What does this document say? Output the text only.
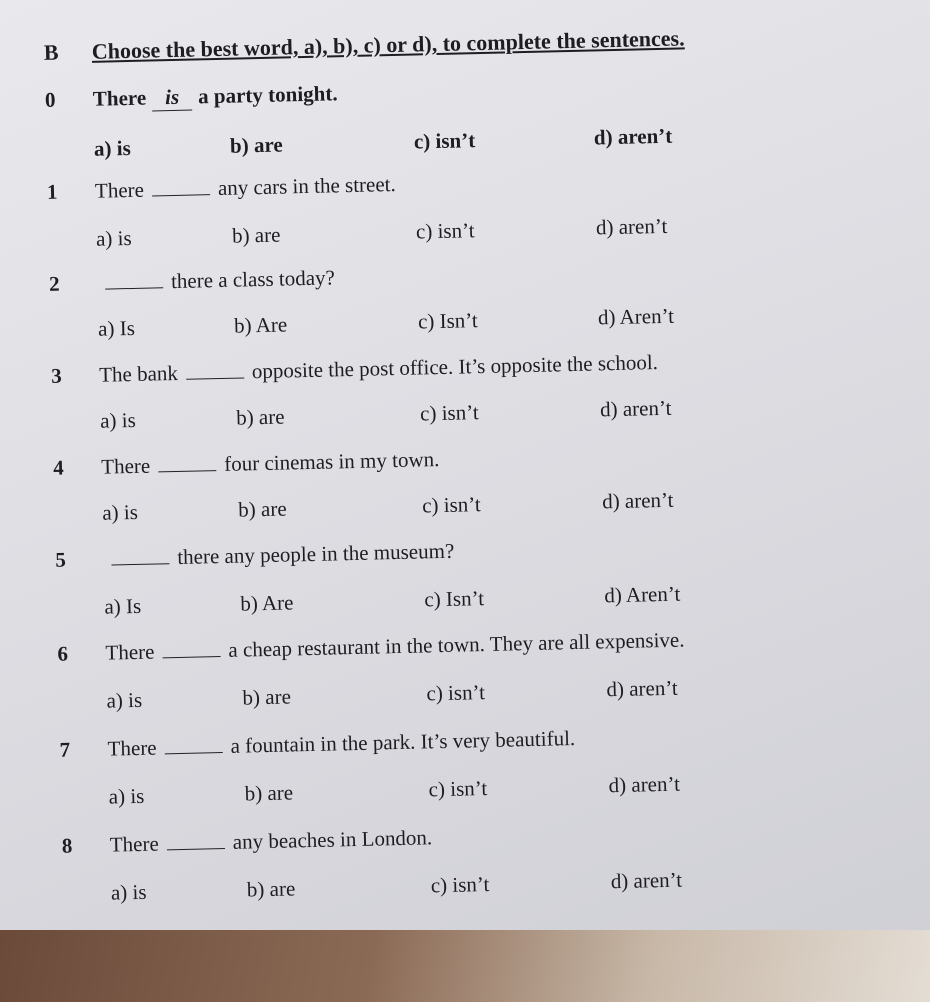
B Choose the best word, a), b), c) or d), to complete the sentences.
0 There is a party tonight.
a) is	b) are	c) isn’t	d) aren’t
1 There	any cars in the street.
a) is	b) are	c) isn’t	d) aren’t
2	there a class today?
a) Is	b) Are	c) Isn’t	d) Aren’t
3 The bank	opposite the post office. It’s opposite the school.
a) is	b) are	c) isn’t	d) aren’t
4 There	four cinemas in my town.
a) is	b) are	c) isn’t	d) aren’t
5	there any people in the museum?
a) Is	b) Are	c) Isn’t	d) Aren’t
6 There	a cheap restaurant in the town. They are all expensive.
a) is	b) are	c) isn’t	d) aren’t
7 There	a fountain in the park. It’s very beautiful.
a) is	b) are	c) isn’t	d) aren’t
8 There	any beaches in London.
a) is	b) are	c) isn’t	d) aren’t
